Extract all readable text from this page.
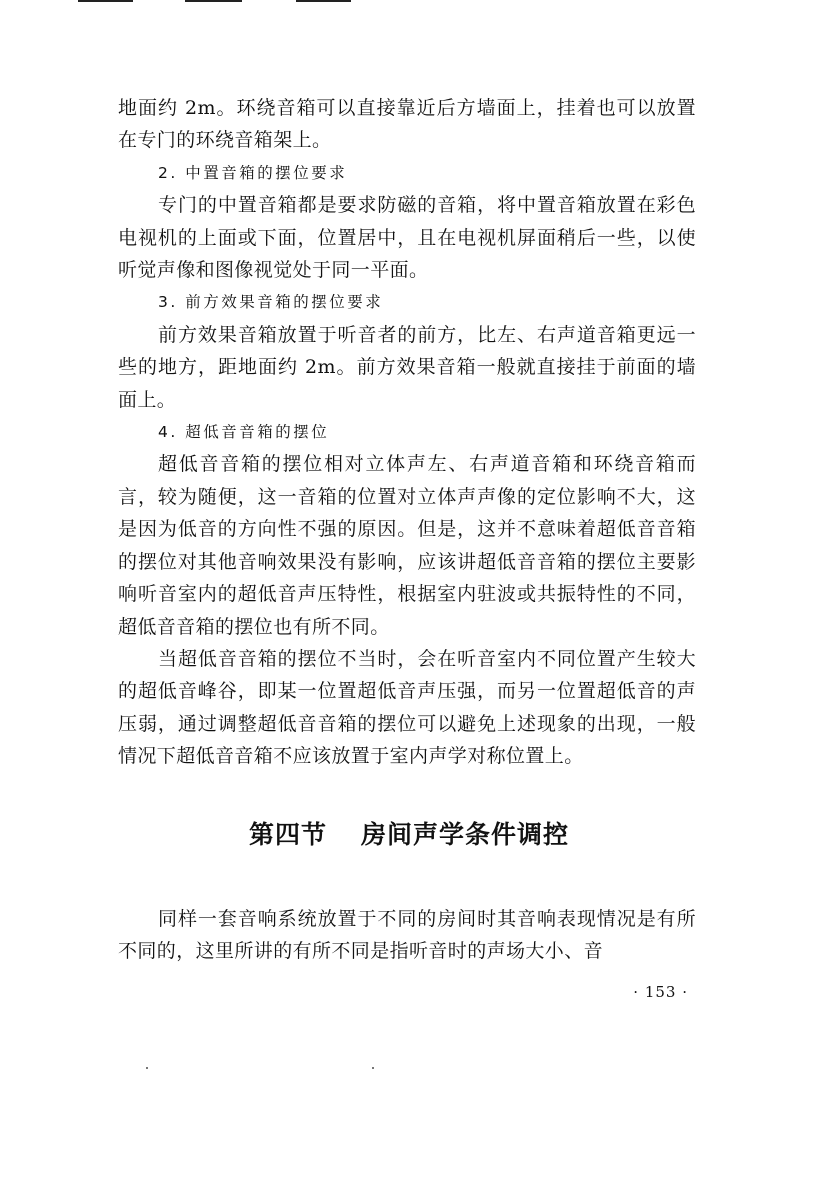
地面约 2m。环绕音箱可以直接靠近后方墙面上，挂着也可以放置在专门的环绕音箱架上。

2. 中置音箱的摆位要求

专门的中置音箱都是要求防磁的音箱，将中置音箱放置在彩色电视机的上面或下面，位置居中，且在电视机屏面稍后一些，以使听觉声像和图像视觉处于同一平面。

3. 前方效果音箱的摆位要求

前方效果音箱放置于听音者的前方，比左、右声道音箱更远一些的地方，距地面约 2m。前方效果音箱一般就直接挂于前面的墙面上。

4. 超低音音箱的摆位

超低音音箱的摆位相对立体声左、右声道音箱和环绕音箱而言，较为随便，这一音箱的位置对立体声声像的定位影响不大，这是因为低音的方向性不强的原因。但是，这并不意味着超低音音箱的摆位对其他音响效果没有影响，应该讲超低音音箱的摆位主要影响听音室内的超低音声压特性，根据室内驻波或共振特性的不同，超低音音箱的摆位也有所不同。

当超低音音箱的摆位不当时，会在听音室内不同位置产生较大的超低音峰谷，即某一位置超低音声压强，而另一位置超低音的声压弱，通过调整超低音音箱的摆位可以避免上述现象的出现，一般情况下超低音音箱不应该放置于室内声学对称位置上。

第四节 房间声学条件调控

同样一套音响系统放置于不同的房间时其音响表现情况是有所不同的，这里所讲的有所不同是指听音时的声场大小、音

· 153 ·
